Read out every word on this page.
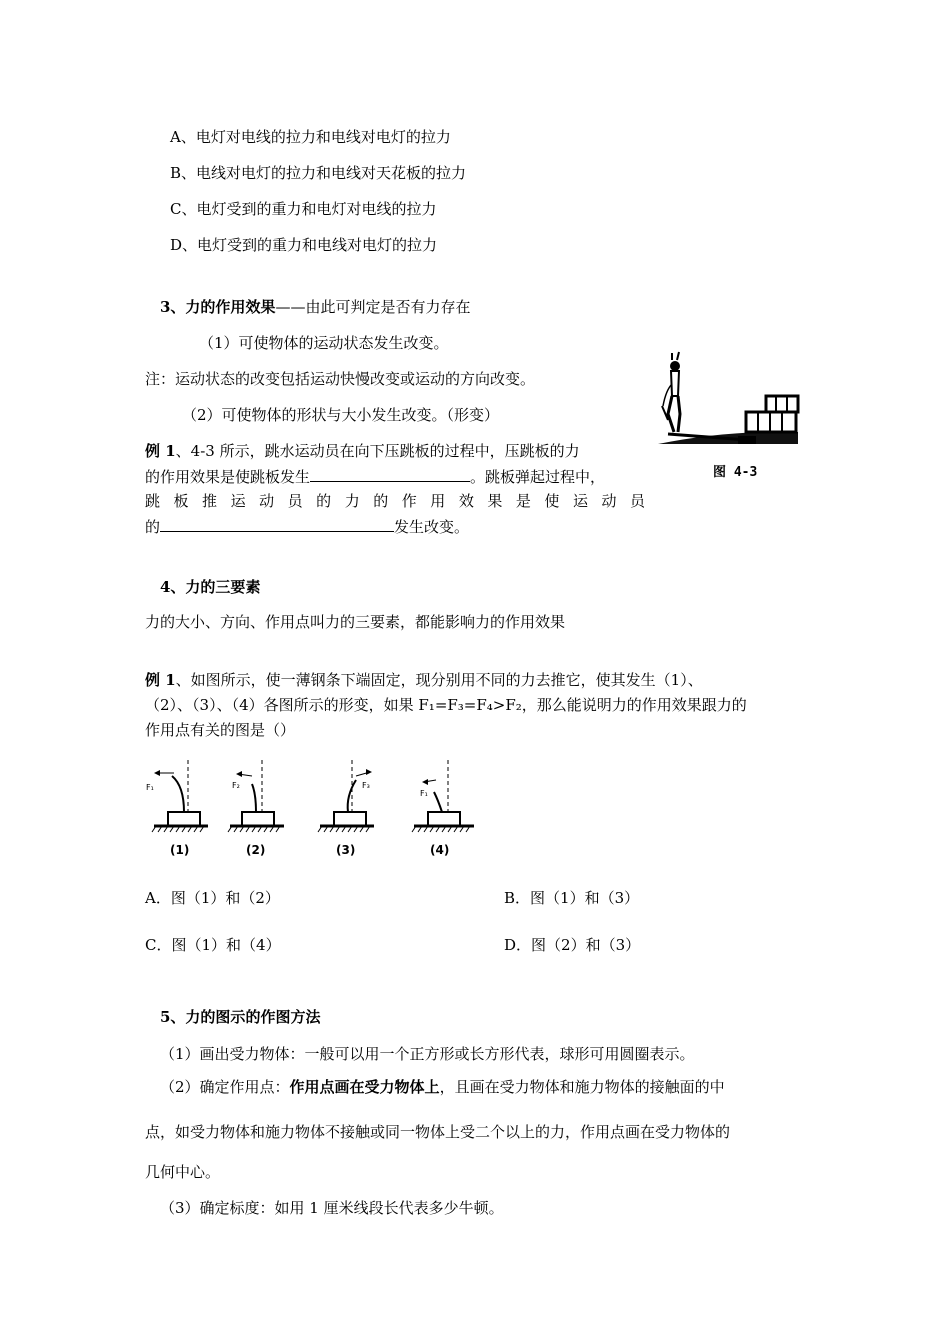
A、电灯对电线的拉力和电线对电灯的拉力
B、电线对电灯的拉力和电线对天花板的拉力
C、电灯受到的重力和电灯对电线的拉力
D、电灯受到的重力和电线对电灯的拉力
3、力的作用效果——由此可判定是否有力存在
（1）可使物体的运动状态发生改变。
注：运动状态的改变包括运动快慢改变或运动的方向改变。
（2）可使物体的形状与大小发生改变。（形变）
例 1、4-3 所示，跳水运动员在向下压跳板的过程中，压跳板的力
的作用效果是使跳板发生	。跳板弹起过程中，
跳 板 推 运 动 员 的 力 的 作 用 效 果 是 使 运 动 员
的	发生改变。
图 4-3
4、力的三要素
力的大小、方向、作用点叫力的三要素，都能影响力的作用效果
例 1、如图所示，使一薄钢条下端固定，现分别用不同的力去推它，使其发生（1）、
（2）、（3）、（4）各图所示的形变，如果 F₁=F₃=F₄>F₂，那么能说明力的作用效果跟力的
作用点有关的图是（）
F₁
(1)
F₂
(2)
F₃
(3)
F₁
(4)
A．图（1）和（2）	B．图（1）和（3）
C．图（1）和（4）	D．图（2）和（3）
5、力的图示的作图方法
（1）画出受力物体：一般可以用一个正方形或长方形代表，球形可用圆圈表示。
（2）确定作用点：作用点画在受力物体上，且画在受力物体和施力物体的接触面的中
点，如受力物体和施力物体不接触或同一物体上受二个以上的力，作用点画在受力物体的
几何中心。
（3）确定标度：如用 1 厘米线段长代表多少牛顿。
